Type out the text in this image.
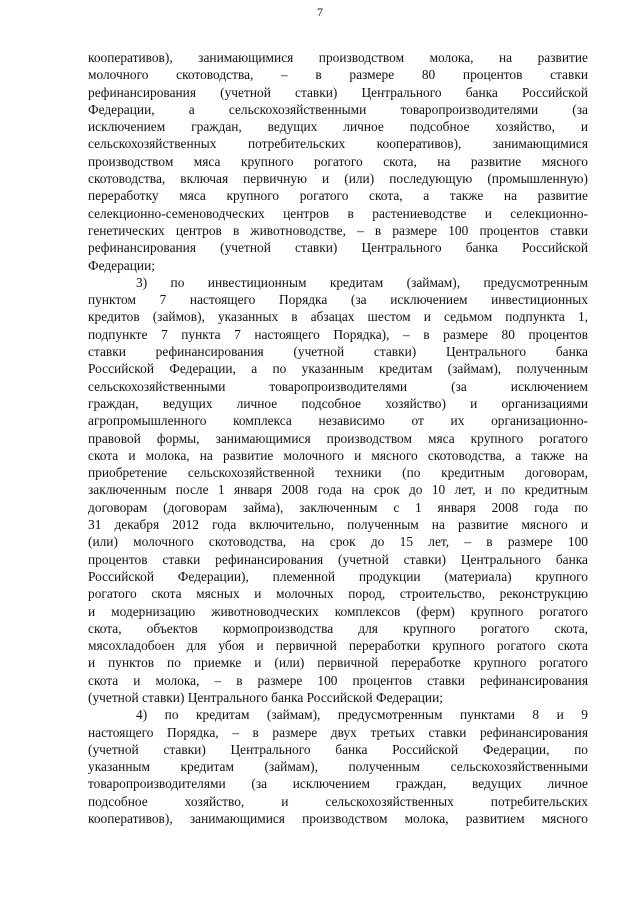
7
кооперативов), занимающимися производством молока, на развитие
молочного скотоводства, – в размере 80 процентов ставки
рефинансирования (учетной ставки) Центрального банка Российской
Федерации, а сельскохозяйственными товаропроизводителями (за
исключением граждан, ведущих личное подсобное хозяйство, и
сельскохозяйственных потребительских кооперативов), занимающимися
производством мяса крупного рогатого скота, на развитие мясного
скотоводства, включая первичную и (или) последующую (промышленную)
переработку мяса крупного рогатого скота, а также на развитие
селекционно-семеноводческих центров в растениеводстве и селекционно-
генетических центров в животноводстве, – в размере 100 процентов ставки
рефинансирования (учетной ставки) Центрального банка Российской
Федерации;
3) по инвестиционным кредитам (займам), предусмотренным
пунктом 7 настоящего Порядка (за исключением инвестиционных
кредитов (займов), указанных в абзацах шестом и седьмом подпункта 1,
подпункте 7 пункта 7 настоящего Порядка), – в размере 80 процентов
ставки рефинансирования (учетной ставки) Центрального банка
Российской Федерации, а по указанным кредитам (займам), полученным
сельскохозяйственными товаропроизводителями (за исключением
граждан, ведущих личное подсобное хозяйство) и организациями
агропромышленного комплекса независимо от их организационно-
правовой формы, занимающимися производством мяса крупного рогатого
скота и молока, на развитие молочного и мясного скотоводства, а также на
приобретение сельскохозяйственной техники (по кредитным договорам,
заключенным после 1 января 2008 года на срок до 10 лет, и по кредитным
договорам (договорам займа), заключенным с 1 января 2008 года по
31 декабря 2012 года включительно, полученным на развитие мясного и
(или) молочного скотоводства, на срок до 15 лет, – в размере 100
процентов ставки рефинансирования (учетной ставки) Центрального банка
Российской Федерации), племенной продукции (материала) крупного
рогатого скота мясных и молочных пород, строительство, реконструкцию
и модернизацию животноводческих комплексов (ферм) крупного рогатого
скота, объектов кормопроизводства для крупного рогатого скота,
мясохладобоен для убоя и первичной переработки крупного рогатого скота
и пунктов по приемке и (или) первичной переработке крупного рогатого
скота и молока, – в размере 100 процентов ставки рефинансирования
(учетной ставки) Центрального банка Российской Федерации;
4) по кредитам (займам), предусмотренным пунктами 8 и 9
настоящего Порядка, – в размере двух третьих ставки рефинансирования
(учетной ставки) Центрального банка Российской Федерации, по
указанным кредитам (займам), полученным сельскохозяйственными
товаропроизводителями (за исключением граждан, ведущих личное
подсобное хозяйство, и сельскохозяйственных потребительских
кооперативов), занимающимися производством молока, развитием мясного
